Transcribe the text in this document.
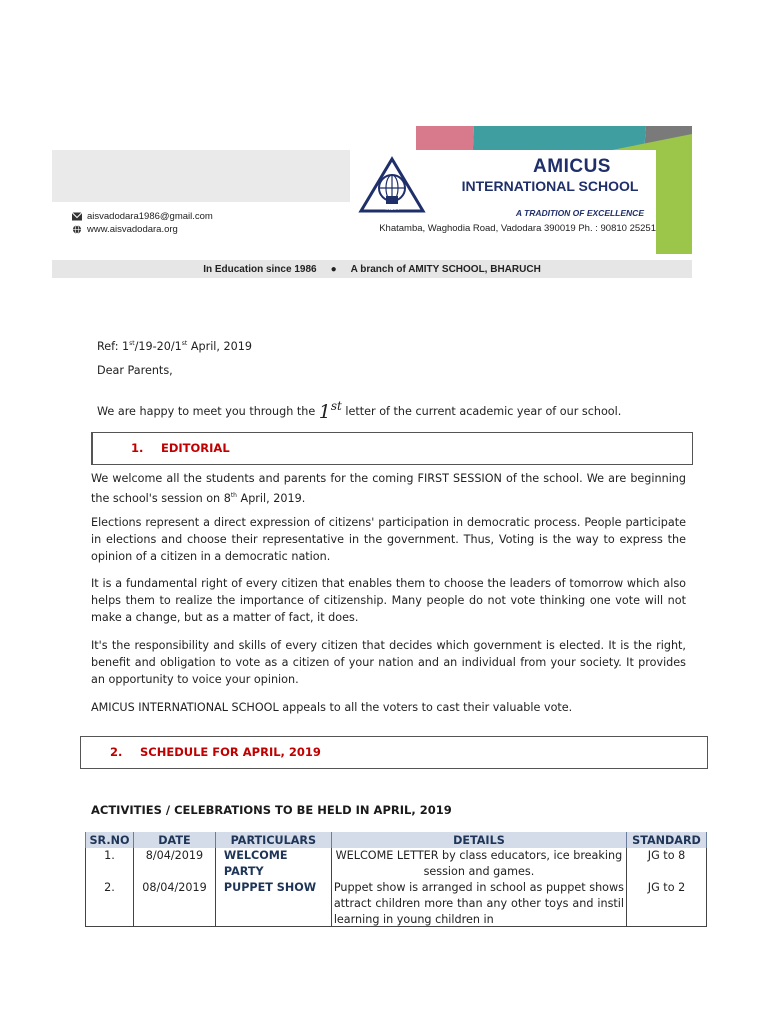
INDIA
AMICUS
INTERNATIONAL SCHOOL
A TRADITION OF EXCELLENCE
Khatamba, Waghodia Road, Vadodara 390019 Ph. : 90810 25251
aisvadodara1986@gmail.com
www.aisvadodara.org
In Education since 1986 ● A branch of AMITY SCHOOL, BHARUCH
Ref: 1st/19-20/1st April, 2019
Dear Parents,
We are happy to meet you through the 1st letter of the current academic year of our school.
1. EDITORIAL
We welcome all the students and parents for the coming FIRST SESSION of the school. We are beginning the school's session on 8th April, 2019.
Elections represent a direct expression of citizens' participation in democratic process. People participate in elections and choose their representative in the government. Thus, Voting is the way to express the opinion of a citizen in a democratic nation.
It is a fundamental right of every citizen that enables them to choose the leaders of tomorrow which also helps them to realize the importance of citizenship. Many people do not vote thinking one vote will not make a change, but as a matter of fact, it does.
It's the responsibility and skills of every citizen that decides which government is elected. It is the right, benefit and obligation to vote as a citizen of your nation and an individual from your society. It provides an opportunity to voice your opinion.
AMICUS INTERNATIONAL SCHOOL appeals to all the voters to cast their valuable vote.
2. SCHEDULE FOR APRIL, 2019
ACTIVITIES / CELEBRATIONS TO BE HELD IN APRIL, 2019
SR.NO	DATE	PARTICULARS	DETAILS	STANDARD
1.	8/04/2019	WELCOME PARTY	WELCOME LETTER by class educators, ice breaking session and games.	JG to 8
2.	08/04/2019	PUPPET SHOW	Puppet show is arranged in school as puppet shows attract children more than any other toys and instil learning in young children in	JG to 2
